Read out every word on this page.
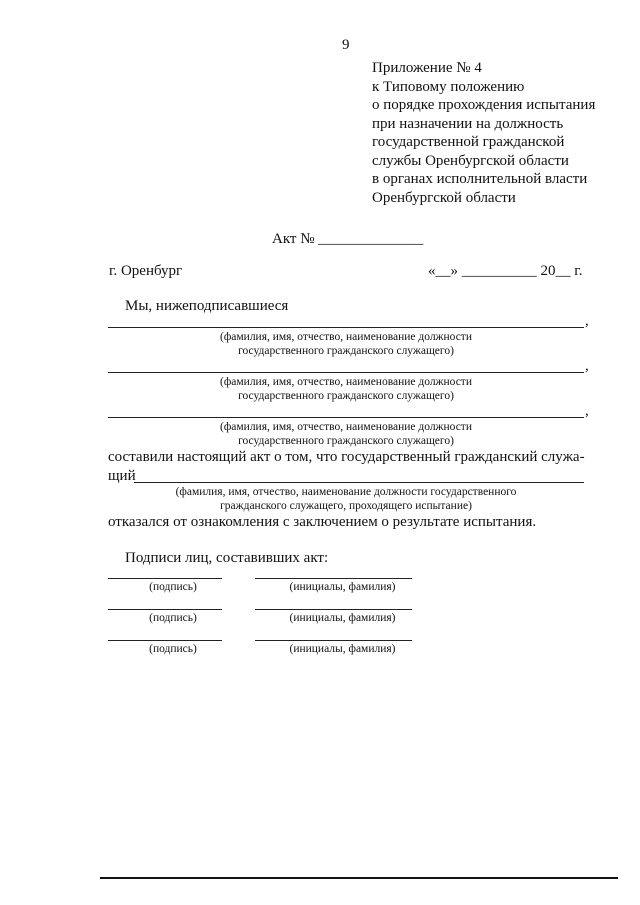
9
Приложение № 4
к Типовому положению
о порядке прохождения испытания
при назначении на должность
государственной гражданской
службы Оренбургской области
в органах исполнительной власти
Оренбургской области
Акт № ______________
г. Оренбург	«__» __________ 20__ г.
Мы, нижеподписавшиеся
,
(фамилия, имя, отчество, наименование должности
государственного гражданского служащего)
,
(фамилия, имя, отчество, наименование должности
государственного гражданского служащего)
,
(фамилия, имя, отчество, наименование должности
государственного гражданского служащего)
составили настоящий акт о том, что государственный гражданский служа-
щий
(фамилия, имя, отчество, наименование должности государственного
гражданского служащего, проходящего испытание)
отказался от ознакомления с заключением о результате испытания.
Подписи лиц, составивших акт:
(подпись)	(инициалы, фамилия)
(подпись)	(инициалы, фамилия)
(подпись)	(инициалы, фамилия)
